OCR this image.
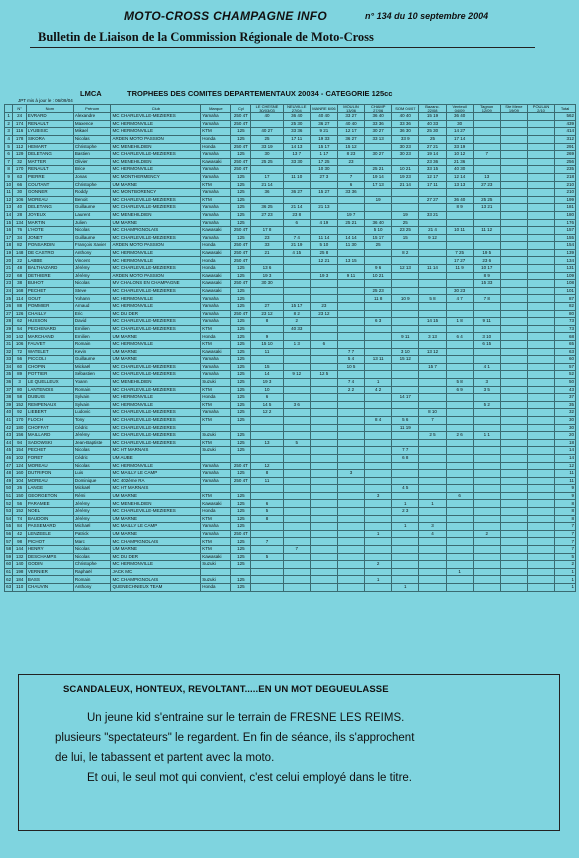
MOTO-CROSS CHAMPAGNE INFO	n° 134 du 10 septembre 2004
Bulletin de Liaison de la Commission Régionale de Moto-Cross
LMCA	TROPHEES DES COMITES DEPARTEMENTAUX 20034 - CATEGORIE 125cc
JPT mis à jour le : 06/09/04
	N°	Nom	Prénom	Club	Marque	Cyl	LE CHESNE 30/03/03	NEUVILLE 27/04	MANRE 6/06	MOULIN 13/06	CHAMP 27/06	SOM 04/07	Bazanc. 22/08	Venteuil 04/09	Tagnon 12/09	Ste Mene 19/09	POULAN 2/10	Total
1	24	EVRARD	Alexandre	MC CHARLEVILLE-MEZIERES	Yamaha	250 4T	40	36 40	40 40	33 27	36 40	40 40	15 19	36 40				562
2	174	RENAULT	Maxence	MC HERMONVILLE	Yamaha	250 4T		25 30	36 27	40 40	33 36	33 36	40 33	30				439
3	116	LYUBISIC	Mikael	MC HERMONVILLE	KTM	125	40 27	33 36	9 21	12 17	30 27	36 30	25 30	14 27				414
4	178	SIKORA	Nicolas	ARDEN MOTO PASSION	Honda	125	25	17 11	19 33	36 27	33 13	33 9	25	17 14				312
5	112	HEMART	Christophe	MC MENEHILDIEN	Honda	250 4T	33 19	14 13	15 17	15 12		30 23	27 21	33 19				291
6	129	DELETANG	Bastien	MC CHARLEVILLE-MEZIERES	Yamaha	125	30	13 7	1 17	8 23	30 27	30 23	19 14	10 12	7			269
7	32	MATTER	Olivier	MC MENEHILDIEN	Kawasaki	250 4T	25 25	33 30	17 25	23			23 36	21 36				256
8	170	RENAULT	Brice	MC HERMONVILLE	Yamaha	250 4T			10 30		25 21	10 21	33 15	40 30				235
9	63	PIERRE	Jonas	MC MONTHERMENCY	Yamaha	125	17	11 10	27 3	7	19 14	19 23	12 17	12 14	13			218
10	66	COUTANT	Christophe	UM MARNE	KTM	125	21 14			6	17 13	21 14	17 11	13 13	27 23			210
11	30	GONNER	Roddy	MC MONTBORENCY	Yamaha	125	36	36 27	15 27	33 36								210
12	106	MOREAU	Benoit	MC CHARLEVILLE-MEZIERES	KTM	125					19		27 27	36 40	25 25			199
13	40	DELETANG	Guillaume	MC CHARLEVILLE-MEZIERES	Yamaha	125	36 25	21 14	21 13					8 9	13 21			181
14	28	JOYEUX	Laurent	MC MENEHILDIEN	Yamaha	125	27 23	23 8		19 7		19	33 21					180
15	134	MARTIN	Julien	UM MARNE	Yamaha	125		6	4 19	25 21	36 40	25						176
16	76	L'HOTE	Nicolas	MC CHAMPIGNOLAIS	Kawasaki	250 4T	17 8				5 10	23 25	21 4	10 11	11 12			157
17	34	JONET	Guillaume	MC CHARLEVILLE-MEZIERES	Yamaha	125	23	7 4	11 14	14 14	15 17	15	9 12					155
18	82	PONSARDIN	François Xavier	ARDEN MOTO PASSION	Honda	250 4T	33	21 19	5 10	11 30	25							154
19	148	DE CASTRO	Anthony	MC HERMONVILLE	Kawasaki	250 4T	21	4 15	25 8			8 2		7 25	19 5			139
20	22	LABBE	Vincent	MC HERMONVILLE	Honda	250 4T			12 21	13 15				17 27	23 6			134
21	48	BALTHAZARD	Jérémy	MC CHARLEVILLE-MEZIERES	Honda	125	13 6				9 6	12 13	11 14	11 9	10 17			131
22	68	DETHIERE	Jérémy	ARDEN MOTO PASSION	Kawasaki	125	19 3		19 3	9 11	10 21				8 9			109
23	38	BUHOT	Nicolas	MV CHALONS EN CHAMPAGNE	Kawasaki	250 4T	30 30								15 33			108
24	168	PECHET	Steve	MC CHARLEVILLE-MEZIERES	Kawasaki	125					25 23			30 23				101
25	114	GOUT	Yohann	MC HERMONVILLE	Yamaha	125					11 8	10 9	5 8	4 7	7 8			87
26	88	POMMIER	Arnaud	MC HERMONVILLE	Yamaha	125	27	15 17	23									82
27	126	CHAILLY	Eric	MC DU DER	Yamaha	250 4T	23 12	8 2	23 12									80
28	62	HUSSON	David	MC CHARLEVILLE-MEZIERES	Yamaha	125	8	2			6 3		14 15	1 8	9 11			73
29	54	PECHENARD	Emilien	MC CHARLEVILLE-MEZIERES	KTM	125		40 33										73
30	142	MARCHAND	Emilien	UM MARNE	Honda	125	9					9 11	3 13	6 4	3 10			68
31	106	FAUVET	Romain	MC HERMONVILLE	KTM	125	15 10	1 3	6						6 15			65
32	72	WATELET	Kevin	UM MARNE	Kawasaki	125	11			7 7		3 10	13 12					63
33	56	PICCOLI	Guillaume	UM MARNE	Yamaha	125				5 4	13 11	15 12						60
34	60	CHOPIN	Mickaël	MC CHARLEVILLE-MEZIERES	Yamaha	125	15			10 5			15 7		4 1			57
35	89	POTTIER	Sébastien	MC CHARLEVILLE-MEZIERES	Yamaha	125	14	9 12	12 5									52
36	3	LE QUELLEUX	Yoann	MC MENEHILDIEN	Suzuki	125	19 3			7 4	1			5 8	3			50
37	80	LANTENOIS	Romain	MC CHARLEVILLE-MEZIERES	KTM	125	10			2 2	4 2			6 9	3 5			43
38	58	DUBUIS	Sylvain	MC HERMONVILLE	Honda	125	6					14 17						37
39	152	REMPENAUX	Sylvain	MC HERMONVILLE	KTM	125	14 5	3 6							5 2			35
40	92	LIEBERT	Ludovic	MC CHARLEVILLE-MEZIERES	Yamaha	125	12 2						8 10					32
41	170	FLOCH	Tony	MC CHARLEVILLE-MEZIERES	KTM	125					8 4	5 6	7					30
42	180	CHOFFAT	Cédric	MC CHARLEVILLE-MEZIERES								11 19						30
43	156	MAILLARD	Jérémy	MC CHARLEVILLE-MEZIERES	Suzuki	125							2 5	2 6	1 1			20
44	94	SADOWSKI	Jean-Baptiste	MC CHARLEVILLE-MEZIERES	KTM	125	13	5										18
45	154	PECHET	Nicolas	MC HT MARNAIS	Suzuki	125						7 7						14
46	102	FORET	Cédric	UM AUBE								6 8						14
47	124	MOREAU	Nicolas	MC HERMONVILLE	Yamaha	250 4T	12											12
48	160	DUTRIPON	Luis	MC MAILLY LE CAMP	Yamaha	125	8			3								11
49	104	MOREAU	Dominique	MC 402ème RA	Yamaha	250 4T	11											11
50	26	LANGE	Mickaël	MC HT MARNAIS								4 5						9
51	150	GEORGETON	Rémi	UM MARNE	KTM	125					3			6				9
52	56	PARAMEE	Jérémy	MC MENEHILDIEN	Kawasaki	125	6					1	1					8
53	152	NOEL	Jérémy	MC CHARLEVILLE-MEZIERES	Honda	125	5					2 3						8
54	74	BAUDOIN	Jérémy	UM MARNE	KTM	125	8											8
55	84	PASSEMARD	Michaël	MC MAILLY LE CAMP	Yamaha	125						1	3					7
56	42	LENZEELE	Patrick	UM MARNE	Yamaha	250 4T					1		4		2			7
57	98	PICHOT	Marc	MC CHAMPIGNOLAIS	KTM	125	7											7
58	144	HENRY	Nicolas	UM MARNE	KTM	125		7										7
59	132	DESCHAMPS	Nicolas	MC DU DER	Kawasaki	125	5											5
60	140	GODIN	Christophe	MC HERMONVILLE	Suzuki	125					2							2
61	198	VERNIER	Raphaël	JACK MC										1				1
62	184	BASS	Romain	MC CHAMPIGNOLAIS	Suzuki	125					1							1
63	110	CHAUVIN	Anthony	QUENECHNIEUX TEAM	Honda	125						1						1
SCANDALEUX, HONTEUX, REVOLTANT.....EN UN MOT DEGUEULASSE
Un jeune kid s'entraine sur le terrain de FRESNE LES REIMS.
plusieurs "spectateurs" le regardent. En fin de séance, ils s'approchent
de lui, le tabassent et partent avec la moto.
Et oui, le seul mot qui convient, c'est celui employé dans le titre.
